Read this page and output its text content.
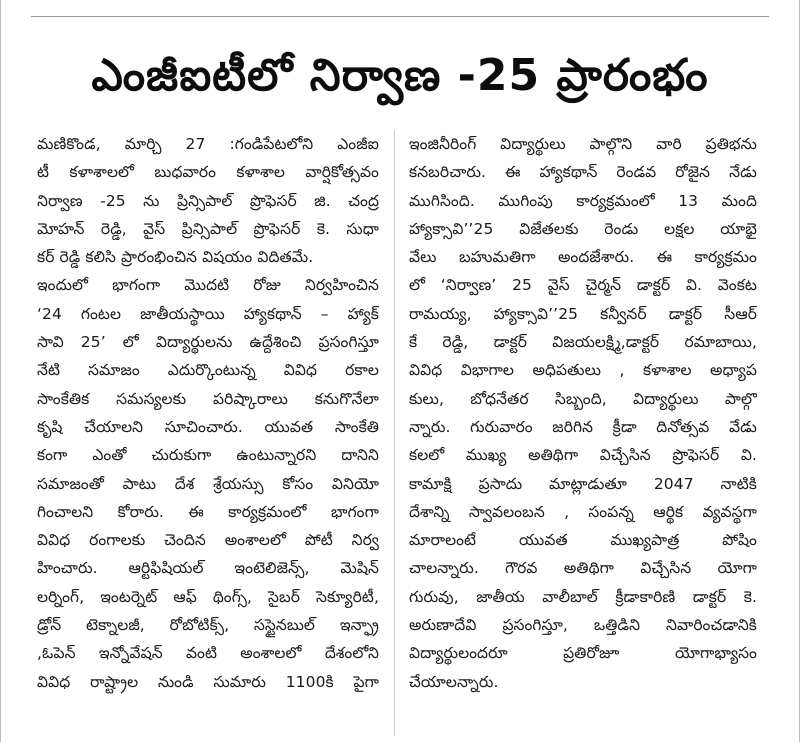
ఎంజీఐటీలో నిర్వాణ -25 ప్రారంభం
మణికొండ, మార్చి 27 :గండిపేటలోని ఎంజీఐ
టీ కళాశాలలో బుధవారం కళాశాల వార్షికోత్సవం
నిర్వాణ -25 ను ప్రిన్సిపాల్ ప్రొఫెసర్ జి. చంద్ర
మోహన్ రెడ్డి, వైస్ ప్రిన్సిపాల్ ప్రొఫెసర్ కె. సుధా
కర్ రెడ్డి కలిసి ప్రారంభించిన విషయం విదితమే.
ఇందులో భాగంగా మొదటి రోజు నిర్వహించిన
‘24 గంటల జాతీయస్థాయి హ్యాకథాన్ – హ్యాక్
సావి 25’ లో విద్యార్థులను ఉద్దేశించి ప్రసంగిస్తూ
నేటి సమాజం ఎదుర్కొంటున్న వివిధ రకాల
సాంకేతిక సమస్యలకు పరిష్కారాలు కనుగొనేలా
కృషి చేయాలని సూచించారు. యువత సాంకేతి
కంగా ఎంతో చురుకుగా ఉంటున్నారని దానిని
సమాజంతో పాటు దేశ శ్రేయస్సు కోసం వినియో
గించాలని కోరారు. ఈ కార్యక్రమంలో భాగంగా
వివిధ రంగాలకు చెందిన అంశాలలో పోటీ నిర్వ
హించారు. ఆర్టిఫిషియల్ ఇంటెలిజెన్స్, మెషిన్
లర్నింగ్, ఇంటర్నెట్ ఆఫ్ థింగ్స్, సైబర్ సెక్యూరిటీ,
డ్రోన్ టెక్నాలజీ, రోబోటిక్స్, సస్టైనబుల్ ఇన్ఫ్రా
,ఓపెన్ ఇన్నోవేషన్ వంటి అంశాలలో దేశంలోని
వివిధ రాష్ట్రాల నుండి సుమారు 1100కి పైగా
ఇంజినీరింగ్ విద్యార్థులు పాల్గొని వారి ప్రతిభను
కనబరిచారు. ఈ హ్యాకథాన్ రెండవ రోజైన నేడు
ముగిసింది. ముగింపు కార్యక్రమంలో 13 మంది
హ్యాక్సావి’’25 విజేతలకు రెండు లక్షల యాభై
వేలు బహుమతిగా అందజేశారు. ఈ కార్యక్రమం
లో ‘నిర్వాణ’ 25 వైస్ చైర్మన్ డాక్టర్ వి. వెంకట
రామయ్య, హ్యాక్సావి’’25 కన్వీనర్ డాక్టర్ సీఆర్
కే రెడ్డి, డాక్టర్ విజయలక్ష్మి,డాక్టర్ రమాబాయి,
వివిధ విభాగాల అధిపతులు , కళాశాల అధ్యాప
కులు, బోధనేతర సిబ్బంది, విద్యార్థులు పాల్గొ
న్నారు. గురువారం జరిగిన క్రీడా దినోత్సవ వేడు
కలలో ముఖ్య అతిథిగా విచ్చేసిన ప్రొఫెసర్ వి.
కామాక్షి ప్రసాదు మాట్లాడుతూ 2047 నాటికి
దేశాన్ని స్వావలంబన , సంపన్న ఆర్థిక వ్యవస్థగా
మారాలంటే యువత ముఖ్యపాత్ర పోషిం
చాలన్నారు. గౌరవ అతిథిగా విచ్చేసిన యోగా
గురువు, జాతీయ వాలీబాల్ క్రీడాకారిణి డాక్టర్ కె.
అరుణాదేవి ప్రసంగిస్తూ, ఒత్తిడిని నివారించడానికి
విద్యార్థులందరూ ప్రతిరోజూ యోగాభ్యాసం
చేయాలన్నారు.
